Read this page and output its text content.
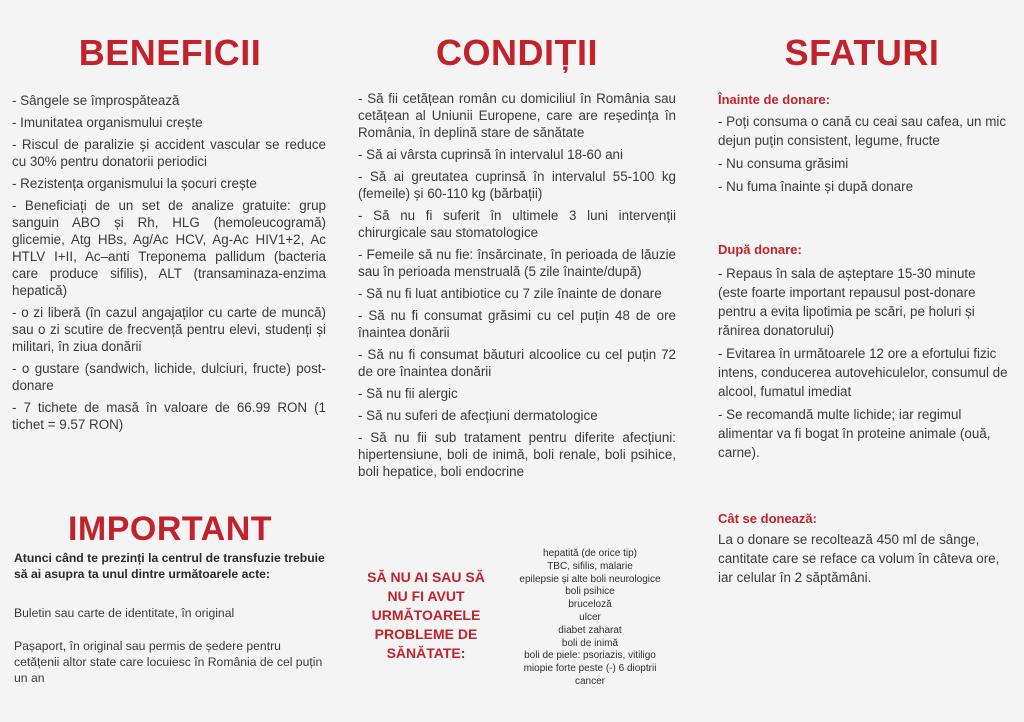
BENEFICII
- Sângele se împrospătează
- Imunitatea organismului crește
- Riscul de paralizie și accident vascular se reduce cu 30% pentru donatorii periodici
- Rezistența organismului la șocuri crește
- Beneficiați de un set de analize gratuite: grup sanguin ABO și Rh, HLG (hemoleucogramă) glicemie, Atg HBs, Ag/Ac HCV, Ag-Ac HIV1+2, Ac HTLV I+II, Ac–anti Treponema pallidum (bacteria care produce sifilis), ALT (transaminaza-enzima hepatică)
- o zi liberă (în cazul angajaților cu carte de muncă) sau o zi scutire de frecvență pentru elevi, studenți și militari, în ziua donării
- o gustare (sandwich, lichide, dulciuri, fructe) post-donare
- 7 tichete de masă în valoare de 66.99 RON (1 tichet = 9.57 RON)
IMPORTANT

Atunci când te prezinți la centrul de transfuzie trebuie să ai asupra ta unul dintre următoarele acte:

Buletin sau carte de identitate, în original

Pașaport, în original sau permis de ședere pentru cetățenii altor state care locuiesc în România de cel puțin un an

CONDIȚII
- Să fii cetățean român cu domiciliul în România sau cetățean al Uniunii Europene, care are reședința în România, în deplină stare de sănătate
- Să ai vârsta cuprinsă în intervalul 18-60 ani
- Să ai greutatea cuprinsă în intervalul 55-100 kg (femeile) și 60-110 kg (bărbații)
- Să nu fi suferit în ultimele 3 luni intervenții chirurgicale sau stomatologice
- Femeile să nu fie: însărcinate, în perioada de lăuzie sau în perioada menstruală (5 zile înainte/după)
- Să nu fi luat antibiotice cu 7 zile înainte de donare
- Să nu fi consumat grăsimi cu cel puțin 48 de ore înaintea donării
- Să nu fi consumat băuturi alcoolice cu cel puțin 72 de ore înaintea donării
- Să nu fii alergic
- Să nu suferi de afecțiuni dermatologice
- Să nu fii sub tratament pentru diferite afecțiuni: hipertensiune, boli de inimă, boli renale, boli psihice, boli hepatice, boli endocrine
SĂ NU AI SAU SĂ NU FI AVUT URMĂTOARELE PROBLEME DE SĂNĂTATE:
hepatită (de orice tip)
TBC, sifilis, malarie
epilepsie și alte boli neurologice
boli psihice
bruceloză
ulcer
diabet zaharat
boli de inimă
boli de piele: psoriazis, vitiligo
miopie forte peste (-) 6 dioptrii
cancer
SFATURI

Înainte de donare:

- Poți consuma o cană cu ceai sau cafea, un mic dejun puțin consistent, legume, fructe
- Nu consuma grăsimi
- Nu fuma înainte și după donare

După donare:

- Repaus în sala de așteptare 15-30 minute (este foarte important repausul post-donare pentru a evita lipotimia pe scări, pe holuri și rănirea donatorului)
- Evitarea în următoarele 12 ore a efortului fizic intens, conducerea autovehiculelor, consumul de alcool, fumatul imediat
- Se recomandă multe lichide; iar regimul alimentar va fi bogat în proteine animale (ouă, carne).

Cât se donează:

La o donare se recoltează 450 ml de sânge, cantitate care se reface ca volum în câteva ore, iar celular în 2 săptămâni.
